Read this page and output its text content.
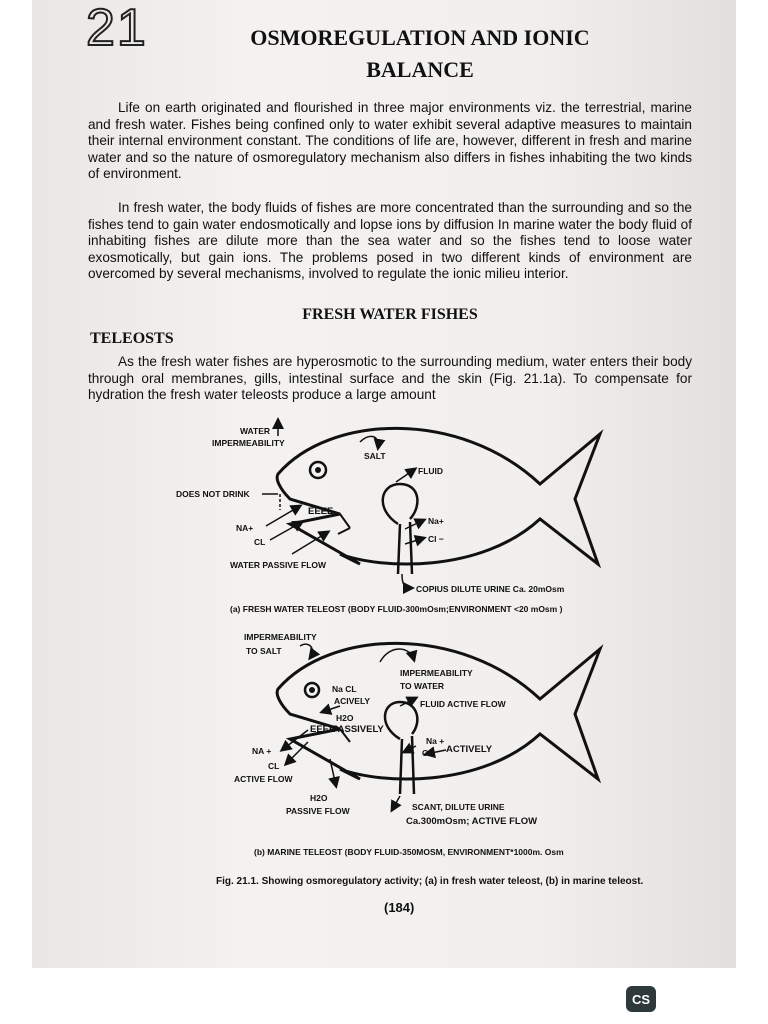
21	OSMOREGULATION AND IONIC
BALANCE

Life on earth originated and flourished in three major environments viz. the terrestrial, marine and fresh water. Fishes being confined only to water exhibit several adaptive measures to maintain their internal environment constant. The conditions of life are, however, different in fresh and marine water and so the nature of osmoregulatory mechanism also differs in fishes inhabiting the two kinds of environment.

In fresh water, the body fluids of fishes are more concentrated than the surrounding and so the fishes tend to gain water endosmotically and lopse ions by diffusion In marine water the body fluid of inhabiting fishes are dilute more than the sea water and so the fishes tend to loose water exosmotically, but gain ions. The problems posed in two different kinds of environment are overcomed by several mechanisms, involved to regulate the ionic milieu interior.

FRESH WATER FISHES
TELEOSTS

As the fresh water fishes are hyperosmotic to the surrounding medium, water enters their body through oral membranes, gills, intestinal surface and the skin (Fig. 21.1a). To compensate for hydration the fresh water teleosts produce a large amount

EEEE
WATER
IMPERMEABILITY
SALT
FLUID
DOES NOT DRINK
NA+
CL
Na+
Cl −
WATER PASSIVE FLOW
COPIUS DILUTE URINE Ca. 20mOsm
(a) FRESH WATER TELEOST (BODY FLUID-300mOsm;ENVIRONMENT <20 mOsm )
EEEE
IMPERMEABILITY
TO SALT
IMPERMEABILITY
TO WATER
Na CL
ACIVELY
H2O
PASSIVELY
FLUID ACTIVE FLOW
Na +
CL ACTIVELY
NA +
CL
ACTIVE FLOW
H2O
PASSIVE FLOW	SCANT, DILUTE URINE
Ca.300mOsm; ACTIVE FLOW
(b) MARINE TELEOST (BODY FLUID-350MOSM, ENVIRONMENT*1000m. Osm
Fig. 21.1. Showing osmoregulatory activity; (a) in fresh water teleost, (b) in marine teleost.
(184)
CS
